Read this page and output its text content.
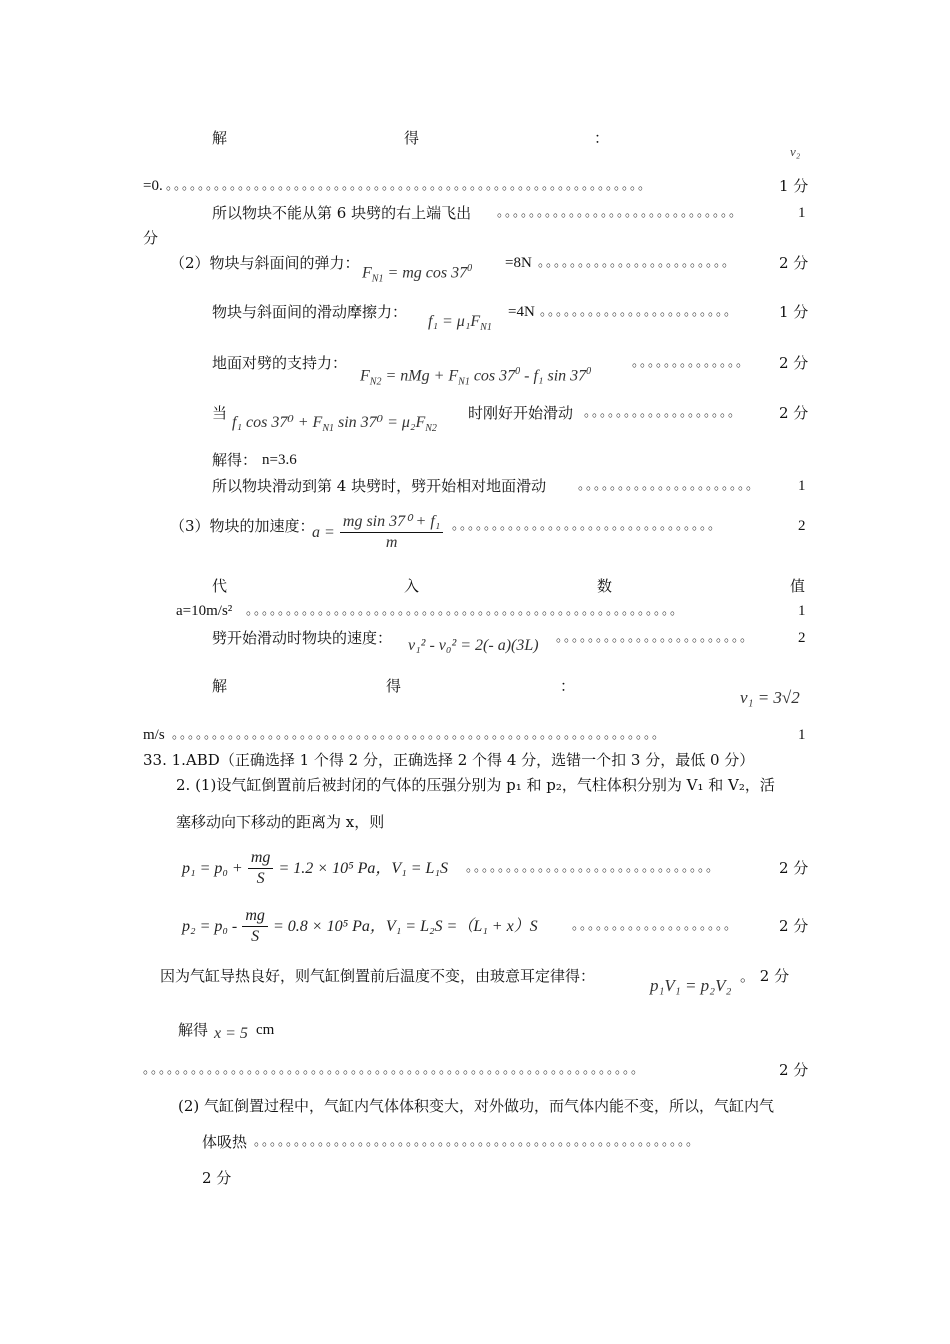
解	得	：
v₂
=0. 。。。。。。。。。。。。。。。。。。。。。。。。。。。。。。。。。。。。。。。。。。。。。。。。。。。。。。。。。。。。	1 分
所以物块不能从第 6 块劈的右上端飞出 。。。。。。。。。。。。。。。。。。。。。。。。。。。。。。	1
分
（2）物块与斜面间的弹力：
$F_{N1}$ = mg $\cos 37^0 =8N$ 。。。。。。。。。。。。。。。。。。。。。。。。	2 分
物块与斜面间的滑动摩擦力：
$f_1 = \mu_1F_{N1}$
=4N 。。。。。。。。。。。。。。。。。。。。。。。。	1 分
地面对劈的支持力：
$F_{N2}$ = nMg + $F_{N1}$ $\cos 37^0 - f_1$ $\sin 37^0$
。。。。。。。。。。。。。。	2 分
当
f₁ $\cos 37^0 + F_{N1}$ $\sin 37^0 = \mu_2F_{N2}$
时刚好开始滑动 。。。。。。。。。。。。。。。。。。。	2 分
解得： n=3.6
所以物块滑动到第 4 块劈时，劈开始相对地面滑动 。。。。。。。。。。。。。。。。。。。。。。	1
（3）物块的加速度：
$a = \frac{\text{mg sin 37⁰ + f₁}}{m}$ 。。。。。。。。。。。。。。。。。。。。。。。。。。。。。。。。。	2
代	入	数	值
a=10m/s² 。。。。。。。。。。。。。。。。。。。。。。。。。。。。。。。。。。。。。。。。。。。。。。。。。。。。。。	1
劈开始滑动时物块的速度： v₁² - v₀² = 2(- a)(3L) 。。。。。。。。。。。。。。。。。。。。。。。。	2
解	得	：
v₁ = 3√2
m/s 。。。。。。。。。。。。。。。。。。。。。。。。。。。。。。。。。。。。。。。。。。。。。。。。。。。。。。。。。。。。。	1
33. 1.ABD（正确选择 1 个得 2 分，正确选择 2 个得 4 分，选错一个扣 3 分，最低 0 分）
2. (1)设气缸倒置前后被封闭的气体的压强分别为 p₁ 和 p₂，气柱体积分别为 V₁ 和 V₂，活
塞移动向下移动的距离为 x，则
$p_1 = p_0 + \frac{mg}{S} = 1.2 \times 10^5$ Pa，V₁ = L₁S 。。。。。。。。。。。。。。。。。。。。。。。。。。。。。。。	2 分
$p_2 = p_0 - \frac{mg}{S} = 0.8 \times 10^5$ Pa，V₁ = L₂S =（L₁ + x）S	。。。。。。。。。。。。。。。。。。。。	2 分
因为气缸导热良好，则气缸倒置前后温度不变，由玻意耳定律得：	p₁V₁ = p₂V₂ 。 2 分
解得 x = 5 cm
。。。。。。。。。。。。。。。。。。。。。。。。。。。。。。。。。。。。。。。。。。。。。。。。。。。。。。。。。。。。。。	2 分
(2) 气缸倒置过程中，气缸内气体体积变大，对外做功，而气体内能不变，所以，气缸内气
体吸热 。。。。。。。。。。。。。。。。。。。。。。。。。。。。。。。。。。。。。。。。。。。。。。。。。。。。。。。
2 分
